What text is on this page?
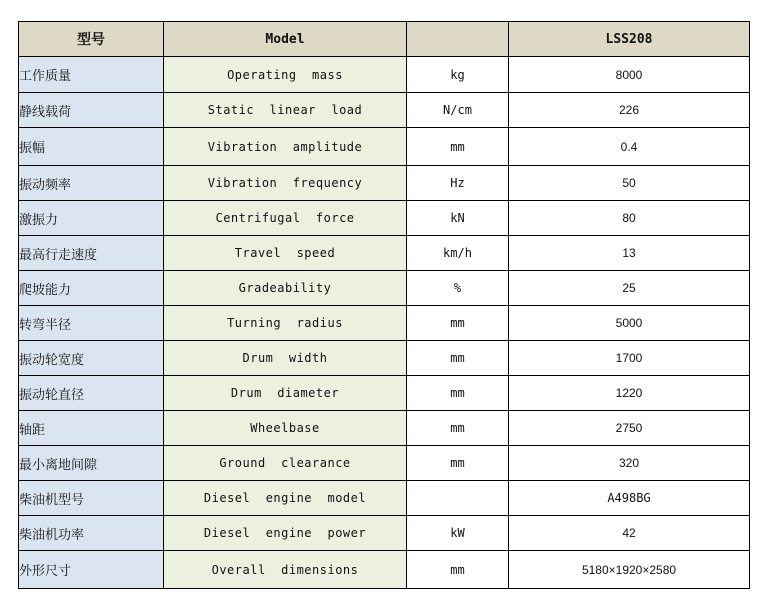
型号	Model		LSS208
工作质量	Operating  mass	kg	8000
静线载荷	Static  linear  load	N/cm	226
振幅	Vibration  amplitude	mm	0.4
振动频率	Vibration  frequency	Hz	50
激振力	Centrifugal  force	kN	80
最高行走速度	Travel  speed	km/h	13
爬坡能力	Gradeability	%	25
转弯半径	Turning  radius	mm	5000
振动轮宽度	Drum  width	mm	1700
振动轮直径	Drum  diameter	mm	1220
轴距	Wheelbase	mm	2750
最小离地间隙	Ground  clearance	mm	320
柴油机型号	Diesel  engine  model		A498BG
柴油机功率	Diesel  engine  power	kW	42
外形尺寸	Overall  dimensions	mm	5180×1920×2580
